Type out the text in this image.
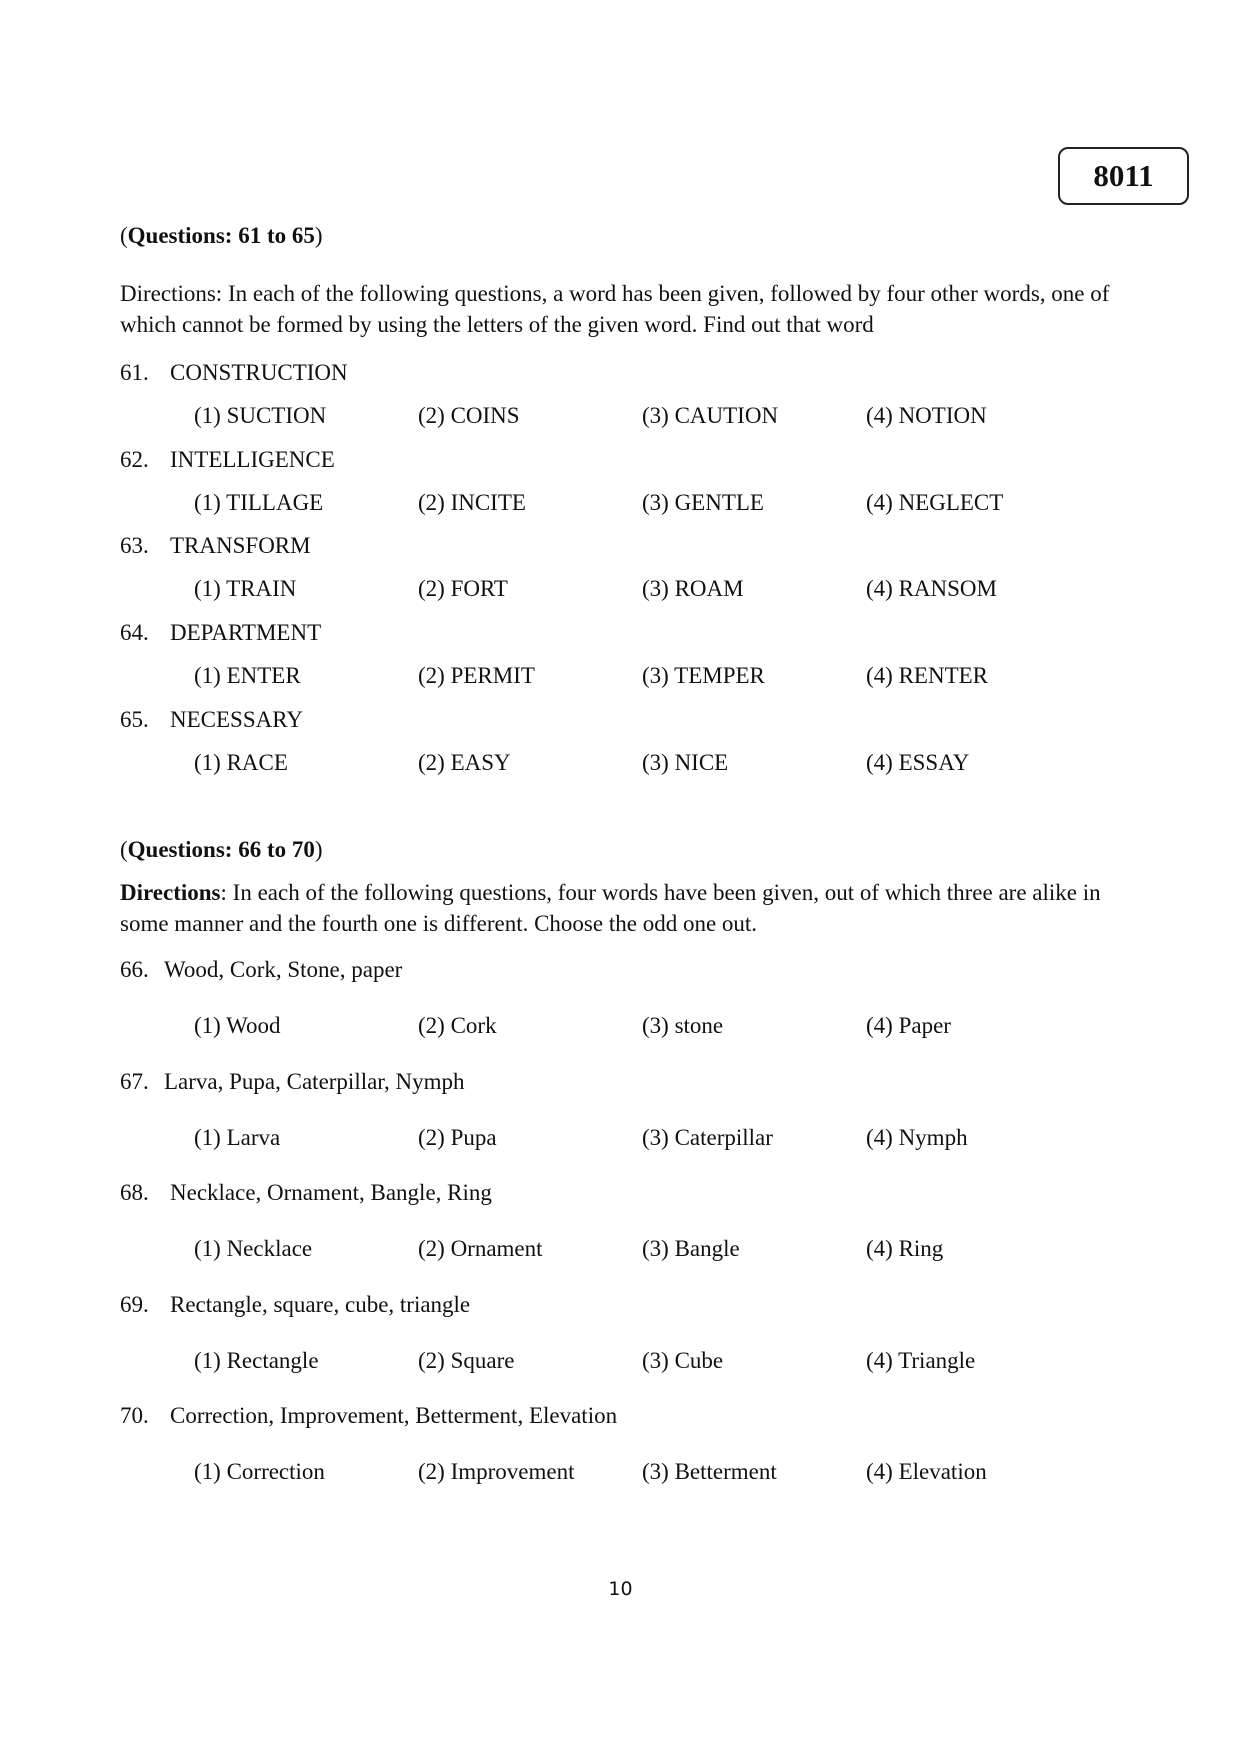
8011
(Questions: 61 to 65)
Directions: In each of the following questions, a word has been given, followed by four other words, one of which cannot be formed by using the letters of the given word. Find out that word
61. CONSTRUCTION
(1) SUCTION	(2) COINS	(3) CAUTION	(4) NOTION
62. INTELLIGENCE
(1) TILLAGE	(2) INCITE	(3) GENTLE	(4) NEGLECT
63. TRANSFORM
(1) TRAIN	(2) FORT	(3) ROAM	(4) RANSOM
64. DEPARTMENT
(1) ENTER	(2) PERMIT	(3) TEMPER	(4) RENTER
65. NECESSARY
(1) RACE	(2) EASY	(3) NICE	(4) ESSAY
(Questions: 66 to 70)
Directions: In each of the following questions, four words have been given, out of which three are alike in some manner and the fourth one is different. Choose the odd one out.
66. Wood, Cork, Stone, paper
(1) Wood	(2) Cork	(3) stone	(4) Paper
67. Larva, Pupa, Caterpillar, Nymph
(1) Larva	(2) Pupa	(3) Caterpillar	(4) Nymph
68. Necklace, Ornament, Bangle, Ring
(1) Necklace	(2) Ornament	(3) Bangle	(4) Ring
69. Rectangle, square, cube, triangle
(1) Rectangle	(2) Square	(3) Cube	(4) Triangle
70. Correction, Improvement, Betterment, Elevation
(1) Correction	(2) Improvement	(3) Betterment	(4) Elevation
10
